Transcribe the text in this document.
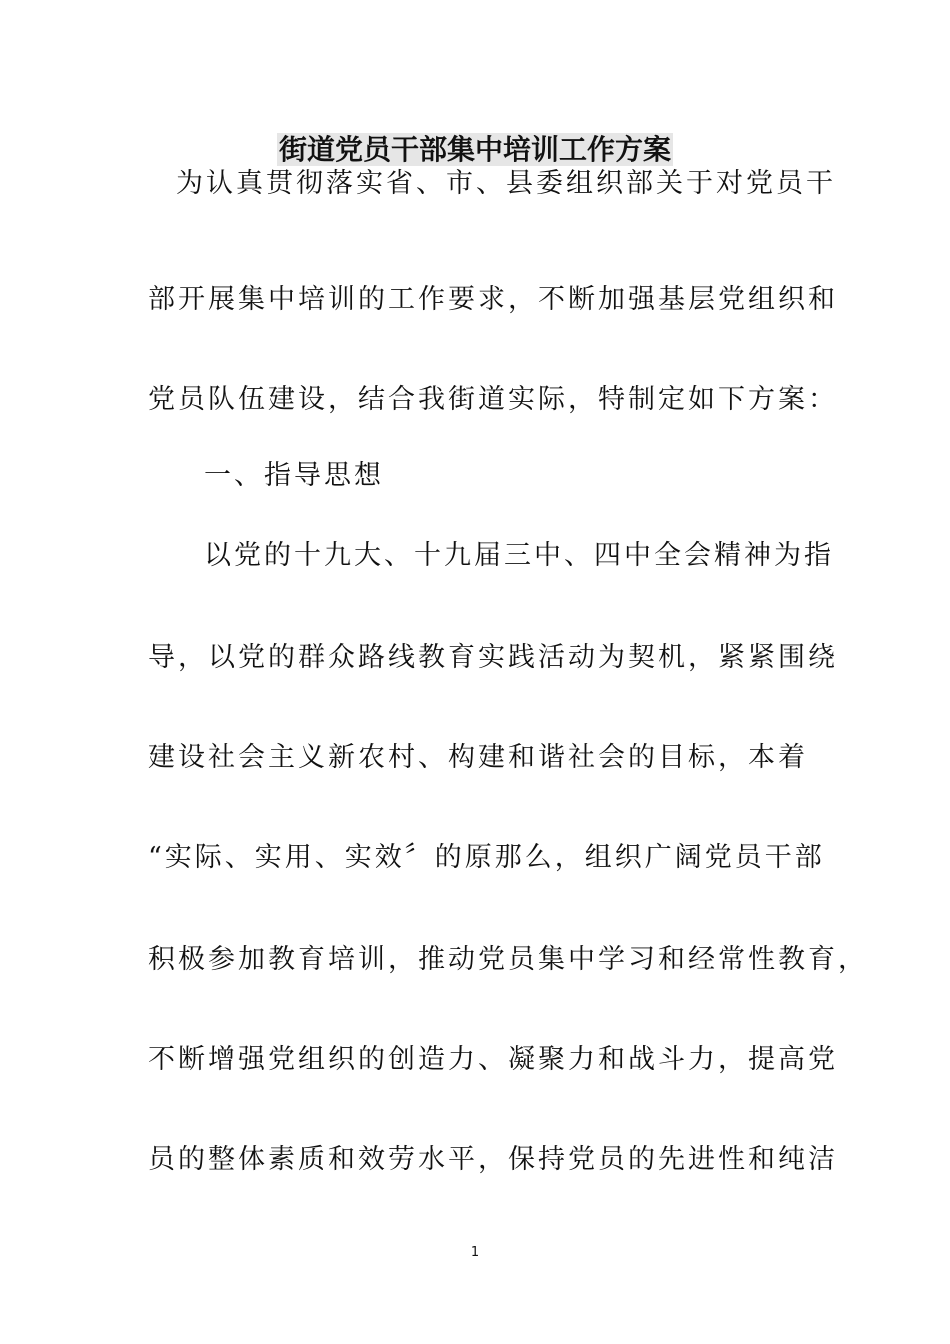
街道党员干部集中培训工作方案
为认真贯彻落实省、市、县委组织部关于对党员干
部开展集中培训的工作要求，不断加强基层党组织和
党员队伍建设，结合我街道实际，特制定如下方案：
一、指导思想
以党的十九大、十九届三中、四中全会精神为指
导，以党的群众路线教育实践活动为契机，紧紧围绕
建设社会主义新农村、构建和谐社会的目标，本着
“实际、实用、实效〞的原那么，组织广阔党员干部
积极参加教育培训，推动党员集中学习和经常性教育，
不断增强党组织的创造力、凝聚力和战斗力，提高党
员的整体素质和效劳水平，保持党员的先进性和纯洁
1
